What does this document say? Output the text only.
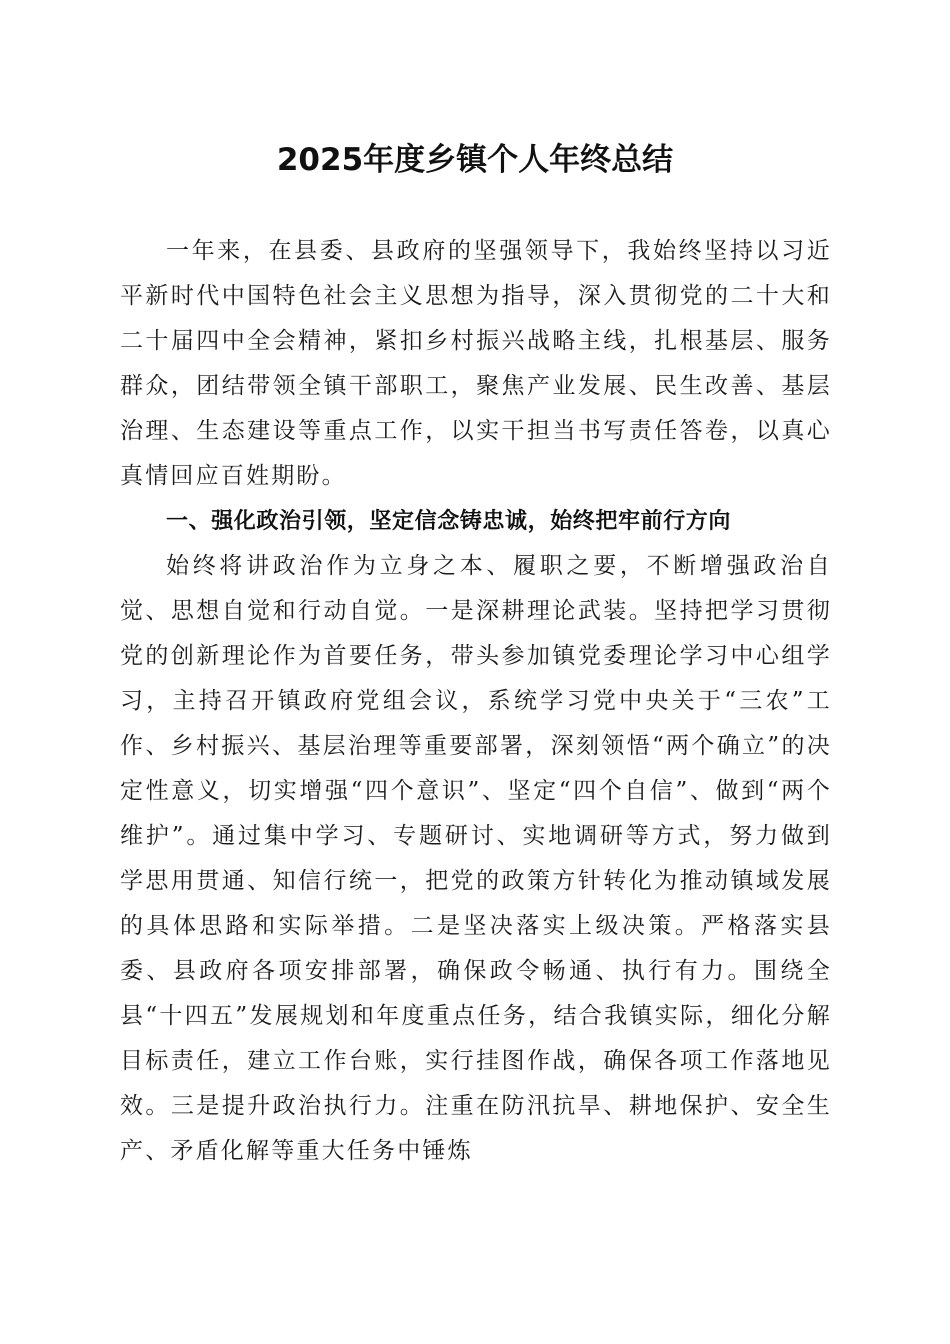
2025年度乡镇个人年终总结

一年来，在县委、县政府的坚强领导下，我始终坚持以习近平新时代中国特色社会主义思想为指导，深入贯彻党的二十大和二十届四中全会精神，紧扣乡村振兴战略主线，扎根基层、服务群众，团结带领全镇干部职工，聚焦产业发展、民生改善、基层治理、生态建设等重点工作，以实干担当书写责任答卷，以真心真情回应百姓期盼。

一、强化政治引领，坚定信念铸忠诚，始终把牢前行方向

始终将讲政治作为立身之本、履职之要，不断增强政治自觉、思想自觉和行动自觉。一是深耕理论武装。坚持把学习贯彻党的创新理论作为首要任务，带头参加镇党委理论学习中心组学习，主持召开镇政府党组会议，系统学习党中央关于“三农”工作、乡村振兴、基层治理等重要部署，深刻领悟“两个确立”的决定性意义，切实增强“四个意识”、坚定“四个自信”、做到“两个维护”。通过集中学习、专题研讨、实地调研等方式，努力做到学思用贯通、知信行统一，把党的政策方针转化为推动镇域发展的具体思路和实际举措。二是坚决落实上级决策。严格落实县委、县政府各项安排部署，确保政令畅通、执行有力。围绕全县“十四五”发展规划和年度重点任务，结合我镇实际，细化分解目标责任，建立工作台账，实行挂图作战，确保各项工作落地见效。三是提升政治执行力。注重在防汛抗旱、耕地保护、安全生产、矛盾化解等重大任务中锤炼
